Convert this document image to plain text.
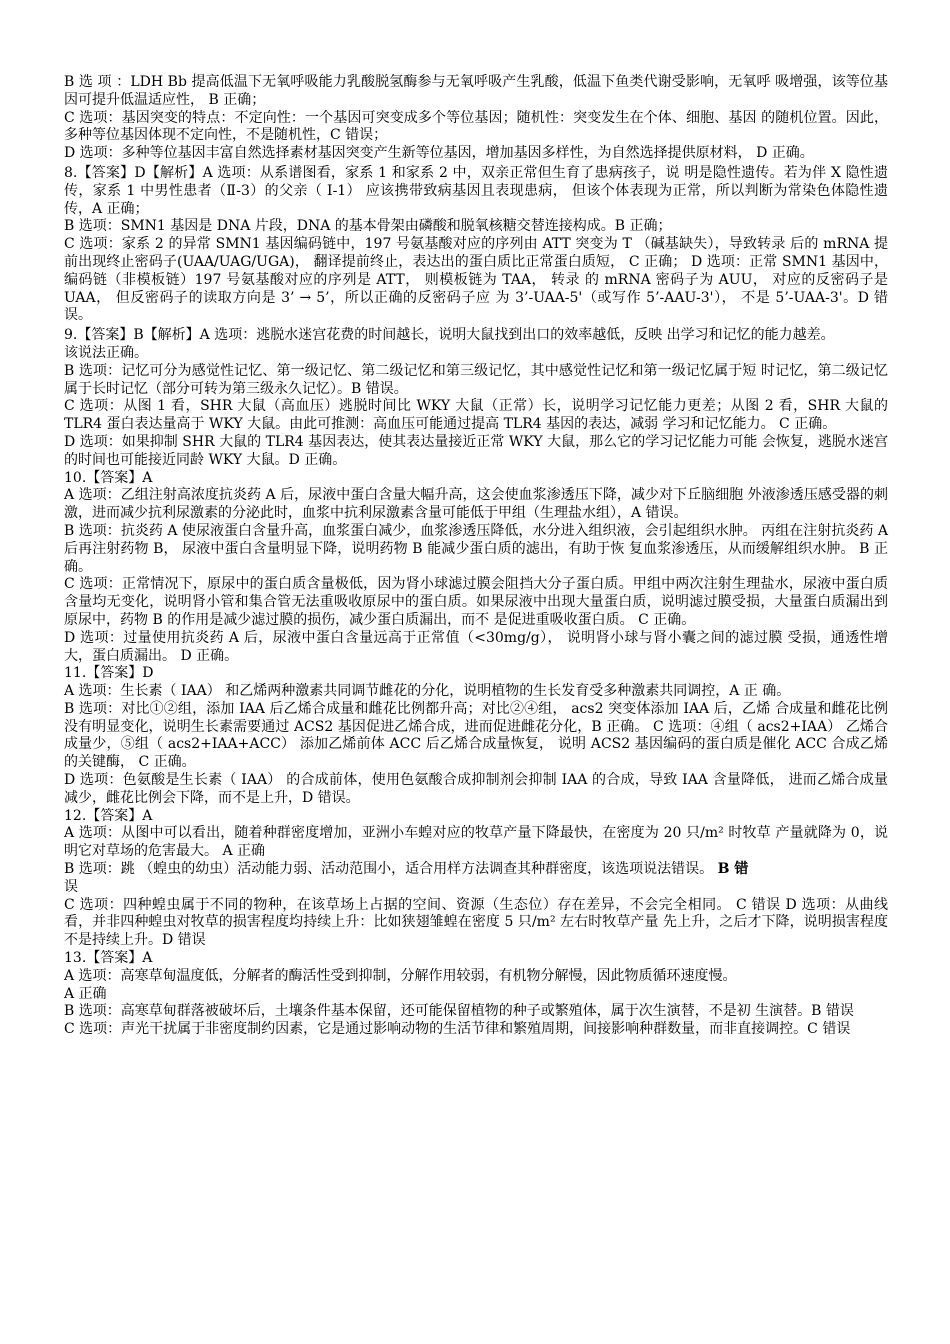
B 选 项 ：LDH Bb 提高低温下无氧呼吸能力乳酸脱氢酶参与无氧呼吸产生乳酸，低温下鱼类代谢受影响，无氧呼 吸增强，该等位基因可提升低温适应性， B 正确；

C 选项：基因突变的特点：不定向性：一个基因可突变成多个等位基因；随机性：突变发生在个体、细胞、基因 的随机位置。因此，多种等位基因体现不定向性，不是随机性，C 错误；

D 选项：多种等位基因丰富自然选择素材基因突变产生新等位基因，增加基因多样性，为自然选择提供原材料， D 正确。

8.【答案】D【解析】A 选项：从系谱图看，家系 1 和家系 2 中，双亲正常但生育了患病孩子，说 明是隐性遗传。若为伴 X 隐性遗传，家系 1 中男性患者（Ⅱ-3）的父亲（ I-1） 应该携带致病基因且表现患病， 但该个体表现为正常，所以判断为常染色体隐性遗传，A 正确；

B 选项：SMN1 基因是 DNA 片段，DNA 的基本骨架由磷酸和脱氧核糖交替连接构成。B 正确；

C 选项：家系 2 的异常 SMN1 基因编码链中，197 号氨基酸对应的序列由 ATT 突变为 T （碱基缺失），导致转录 后的 mRNA 提前出现终止密码子(UAA/UAG/UGA)， 翻译提前终止，表达出的蛋白质比正常蛋白质短， C 正确； D 选项：正常 SMN1 基因中，编码链（非模板链）197 号氨基酸对应的序列是 ATT， 则模板链为 TAA， 转录 的 mRNA 密码子为 AUU， 对应的反密码子是 UAA， 但反密码子的读取方向是 3’ → 5’，所以正确的反密码子应 为 3’-UAA-5'（或写作 5’-AAU-3'）， 不是 5’-UAA-3'。D 错误。

9.【答案】B【解析】A 选项：逃脱水迷宫花费的时间越长，说明大鼠找到出口的效率越低，反映 出学习和记忆的能力越差。

该说法正确。

B 选项：记忆可分为感觉性记忆、第一级记忆、第二级记忆和第三级记忆，其中感觉性记忆和第一级记忆属于短 时记忆，第二级记忆属于长时记忆（部分可转为第三级永久记忆）。B 错误。

C 选项：从图 1 看，SHR 大鼠（高血压）逃脱时间比 WKY 大鼠（正常）长，说明学习记忆能力更差；从图 2 看，SHR 大鼠的 TLR4 蛋白表达量高于 WKY 大鼠。由此可推测：高血压可能通过提高 TLR4 基因的表达，减弱 学习和记忆能力。 C 正确。

D 选项：如果抑制 SHR 大鼠的 TLR4 基因表达，使其表达量接近正常 WKY 大鼠，那么它的学习记忆能力可能 会恢复，逃脱水迷宫的时间也可能接近同龄 WKY 大鼠。D 正确。

10.【答案】A

A 选项：乙组注射高浓度抗炎药 A 后，尿液中蛋白含量大幅升高，这会使血浆渗透压下降，减少对下丘脑细胞 外液渗透压感受器的刺激，进而减少抗利尿激素的分泌此时，血浆中抗利尿激素含量可能低于甲组（生理盐水组），A 错误。

B 选项：抗炎药 A 使尿液蛋白含量升高，血浆蛋白减少，血浆渗透压降低，水分进入组织液，会引起组织水肿。 丙组在注射抗炎药 A 后再注射药物 B， 尿液中蛋白含量明显下降，说明药物 B 能减少蛋白质的滤出，有助于恢 复血浆渗透压，从而缓解组织水肿。 B 正确。

C 选项：正常情况下，原尿中的蛋白质含量极低，因为肾小球滤过膜会阻挡大分子蛋白质。甲组中两次注射生理盐水，尿液中蛋白质含量均无变化，说明肾小管和集合管无法重吸收原尿中的蛋白质。如果尿液中出现大量蛋白质，说明滤过膜受损，大量蛋白质漏出到原尿中，药物 B 的作用是减少滤过膜的损伤，减少蛋白质漏出，而不 是促进重吸收蛋白质。 C 正确。

D 选项：过量使用抗炎药 A 后，尿液中蛋白含量远高于正常值（<30mg/g）， 说明肾小球与肾小囊之间的滤过膜 受损，通透性增大，蛋白质漏出。 D 正确。

11.【答案】D

A 选项：生长素（ IAA） 和乙烯两种激素共同调节雌花的分化，说明植物的生长发育受多种激素共同调控，A 正 确。

B 选项：对比①②组，添加 IAA 后乙烯合成量和雌花比例都升高；对比②④组， acs2 突变体添加 IAA 后，乙烯 合成量和雌花比例没有明显变化，说明生长素需要通过 ACS2 基因促进乙烯合成，进而促进雌花分化，B 正确。 C 选项：④组（ acs2+IAA） 乙烯合成量少，⑤组（ acs2+IAA+ACC） 添加乙烯前体 ACC 后乙烯合成量恢复， 说明 ACS2 基因编码的蛋白质是催化 ACC 合成乙烯的关键酶， C 正确。

D 选项：色氨酸是生长素（ IAA） 的合成前体，使用色氨酸合成抑制剂会抑制 IAA 的合成，导致 IAA 含量降低， 进而乙烯合成量减少，雌花比例会下降，而不是上升，D 错误。

12.【答案】A

A 选项：从图中可以看出，随着种群密度增加，亚洲小车蝗对应的牧草产量下降最快，在密度为 20 只/m² 时牧草 产量就降为 0，说明它对草场的危害最大。 A 正确

B 选项：跳 （蝗虫的幼虫）活动能力弱、活动范围小，适合用样方法调查其种群密度，该选项说法错误。 B 错

误

C 选项：四种蝗虫属于不同的物种，在该草场上占据的空间、资源（生态位）存在差异，不会完全相同。 C 错误 D 选项：从曲线看，并非四种蝗虫对牧草的损害程度均持续上升：比如狭翅雏蝗在密度 5 只/m² 左右时牧草产量 先上升，之后才下降，说明损害程度不是持续上升。D 错误

13.【答案】A

A 选项：高寒草甸温度低，分解者的酶活性受到抑制，分解作用较弱，有机物分解慢，因此物质循环速度慢。

A 正确

B 选项：高寒草甸群落被破坏后，土壤条件基本保留，还可能保留植物的种子或繁殖体，属于次生演替，不是初 生演替。B 错误

C 选项：声光干扰属于非密度制约因素，它是通过影响动物的生活节律和繁殖周期，间接影响种群数量，而非直接调控。C 错误
